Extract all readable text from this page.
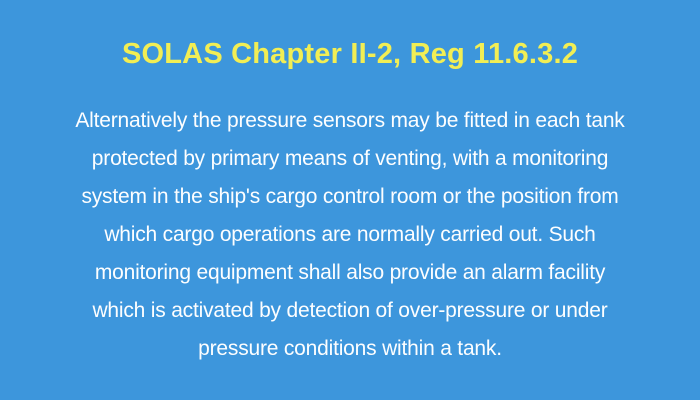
SOLAS Chapter II-2, Reg 11.6.3.2
Alternatively the pressure sensors may be fitted in each tank
protected by primary means of venting, with a monitoring
system in the ship's cargo control room or the position from
which cargo operations are normally carried out. Such
monitoring equipment shall also provide an alarm facility
which is activated by detection of over-pressure or under
pressure conditions within a tank.
